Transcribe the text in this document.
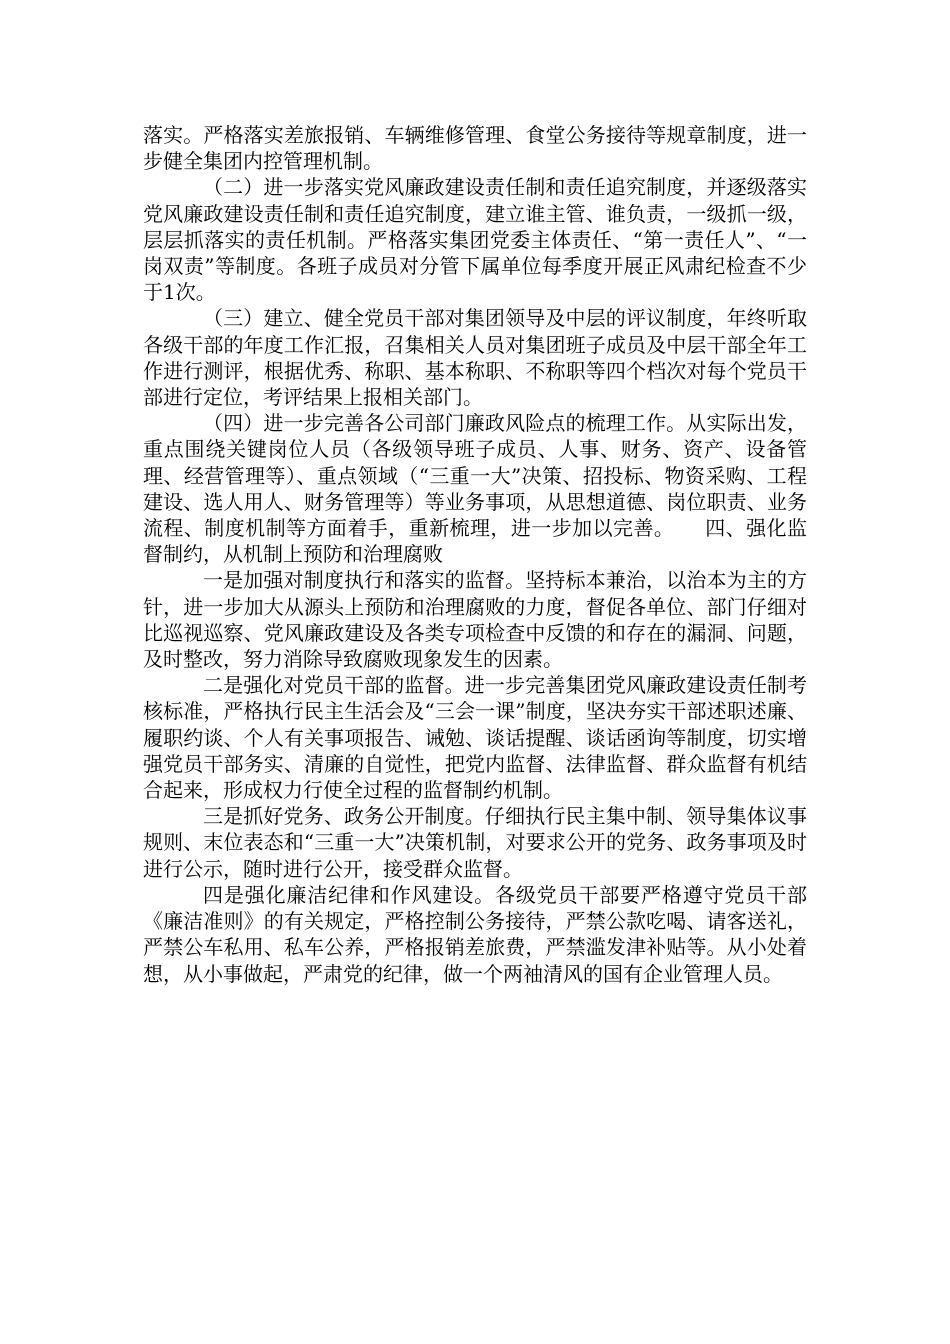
落实。严格落实差旅报销、车辆维修管理、食堂公务接待等规章制度，进一步健全集团内控管理机制。

（二）进一步落实党风廉政建设责任制和责任追究制度，并逐级落实党风廉政建设责任制和责任追究制度，建立谁主管、谁负责，一级抓一级，层层抓落实的责任机制。严格落实集团党委主体责任、“第一责任人”、“一岗双责”等制度。各班子成员对分管下属单位每季度开展正风肃纪检查不少于1次。

（三）建立、健全党员干部对集团领导及中层的评议制度，年终听取各级干部的年度工作汇报，召集相关人员对集团班子成员及中层干部全年工作进行测评，根据优秀、称职、基本称职、不称职等四个档次对每个党员干部进行定位，考评结果上报相关部门。

（四）进一步完善各公司部门廉政风险点的梳理工作。从实际出发，重点围绕关键岗位人员（各级领导班子成员、人事、财务、资产、设备管理、经营管理等）、重点领域（“三重一大”决策、招投标、物资采购、工程建设、选人用人、财务管理等）等业务事项，从思想道德、岗位职责、业务流程、制度机制等方面着手，重新梳理，进一步加以完善。　　四、强化监督制约，从机制上预防和治理腐败

一是加强对制度执行和落实的监督。坚持标本兼治，以治本为主的方针，进一步加大从源头上预防和治理腐败的力度，督促各单位、部门仔细对比巡视巡察、党风廉政建设及各类专项检查中反馈的和存在的漏洞、问题，及时整改，努力消除导致腐败现象发生的因素。

二是强化对党员干部的监督。进一步完善集团党风廉政建设责任制考核标准，严格执行民主生活会及“三会一课”制度，坚决夯实干部述职述廉、履职约谈、个人有关事项报告、诫勉、谈话提醒、谈话函询等制度，切实增强党员干部务实、清廉的自觉性，把党内监督、法律监督、群众监督有机结合起来，形成权力行使全过程的监督制约机制。

三是抓好党务、政务公开制度。仔细执行民主集中制、领导集体议事规则、末位表态和“三重一大”决策机制，对要求公开的党务、政务事项及时进行公示，随时进行公开，接受群众监督。

四是强化廉洁纪律和作风建设。各级党员干部要严格遵守党员干部《廉洁准则》的有关规定，严格控制公务接待，严禁公款吃喝、请客送礼，严禁公车私用、私车公养，严格报销差旅费，严禁滥发津补贴等。从小处着想，从小事做起，严肃党的纪律，做一个两袖清风的国有企业管理人员。
